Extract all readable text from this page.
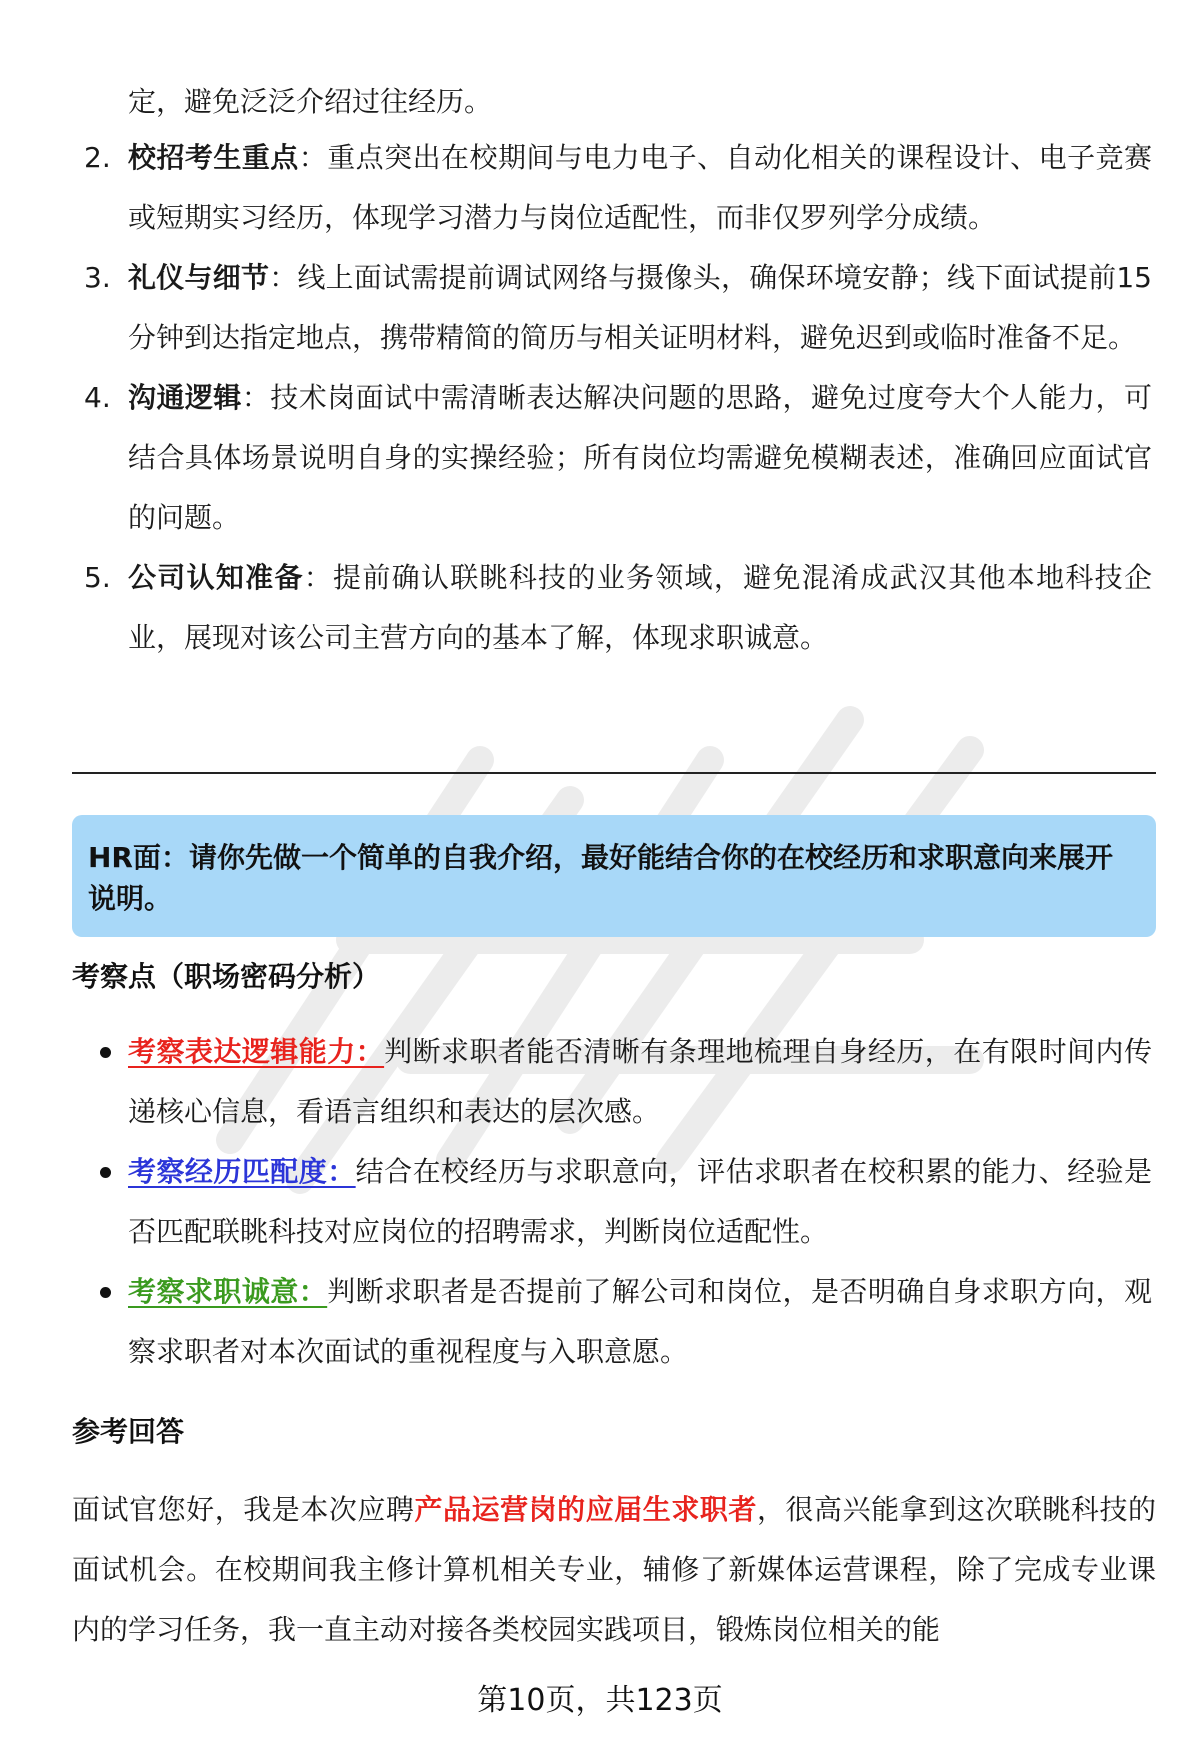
定，避免泛泛介绍过往经历。
2. 校招考生重点：重点突出在校期间与电力电子、自动化相关的课程设计、电子竞赛或短期实习经历，体现学习潜力与岗位适配性，而非仅罗列学分成绩。
3. 礼仪与细节：线上面试需提前调试网络与摄像头，确保环境安静；线下面试提前15分钟到达指定地点，携带精简的简历与相关证明材料，避免迟到或临时准备不足。
4. 沟通逻辑：技术岗面试中需清晰表达解决问题的思路，避免过度夸大个人能力，可结合具体场景说明自身的实操经验；所有岗位均需避免模糊表述，准确回应面试官的问题。
5. 公司认知准备：提前确认联眺科技的业务领域，避免混淆成武汉其他本地科技企业，展现对该公司主营方向的基本了解，体现求职诚意。
HR面：请你先做一个简单的自我介绍，最好能结合你的在校经历和求职意向来展开说明。
考察点（职场密码分析）
考察表达逻辑能力：判断求职者能否清晰有条理地梳理自身经历，在有限时间内传递核心信息，看语言组织和表达的层次感。
考察经历匹配度：结合在校经历与求职意向，评估求职者在校积累的能力、经验是否匹配联眺科技对应岗位的招聘需求，判断岗位适配性。
考察求职诚意：判断求职者是否提前了解公司和岗位，是否明确自身求职方向，观察求职者对本次面试的重视程度与入职意愿。
参考回答

面试官您好，我是本次应聘产品运营岗的应届生求职者，很高兴能拿到这次联眺科技的面试机会。在校期间我主修计算机相关专业，辅修了新媒体运营课程，除了完成专业课内的学习任务，我一直主动对接各类校园实践项目，锻炼岗位相关的能

第10页，共123页
